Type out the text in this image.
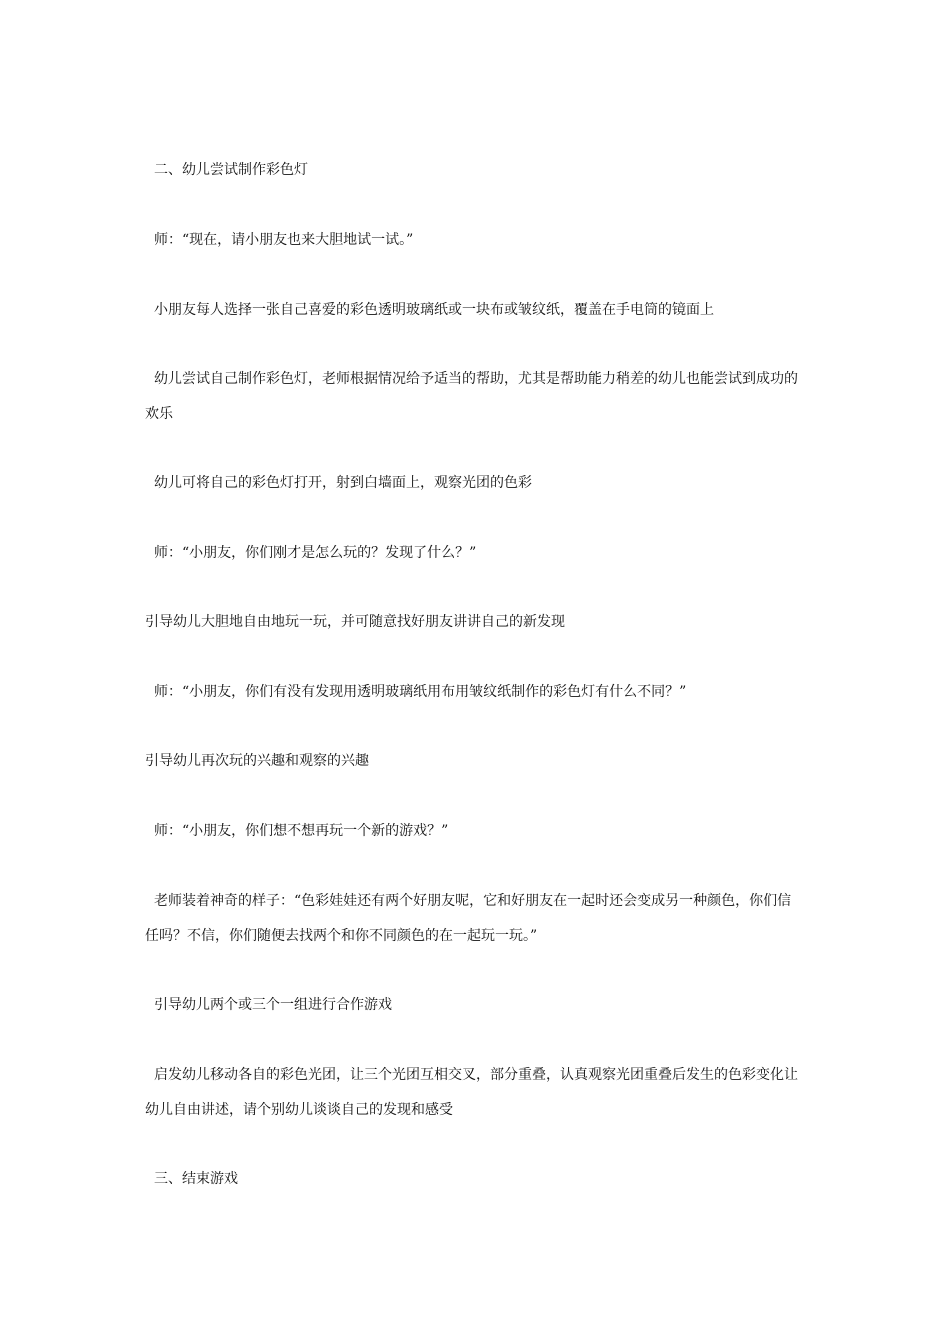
二、幼儿尝试制作彩色灯
师：“现在，请小朋友也来大胆地试一试。”
小朋友每人选择一张自己喜爱的彩色透明玻璃纸或一块布或皱纹纸，覆盖在手电筒的镜面上
幼儿尝试自己制作彩色灯，老师根据情况给予适当的帮助，尤其是帮助能力稍差的幼儿也能尝试到成功的欢乐
幼儿可将自己的彩色灯打开，射到白墙面上，观察光团的色彩
师：“小朋友，你们刚才是怎么玩的？发现了什么？”
引导幼儿大胆地自由地玩一玩，并可随意找好朋友讲讲自己的新发现
师：“小朋友，你们有没有发现用透明玻璃纸用布用皱纹纸制作的彩色灯有什么不同？”
引导幼儿再次玩的兴趣和观察的兴趣
师：“小朋友，你们想不想再玩一个新的游戏？”
老师装着神奇的样子：“色彩娃娃还有两个好朋友呢，它和好朋友在一起时还会变成另一种颜色，你们信任吗？不信，你们随便去找两个和你不同颜色的在一起玩一玩。”
引导幼儿两个或三个一组进行合作游戏
启发幼儿移动各自的彩色光团，让三个光团互相交叉，部分重叠，认真观察光团重叠后发生的色彩变化让幼儿自由讲述，请个别幼儿谈谈自己的发现和感受
三、结束游戏
